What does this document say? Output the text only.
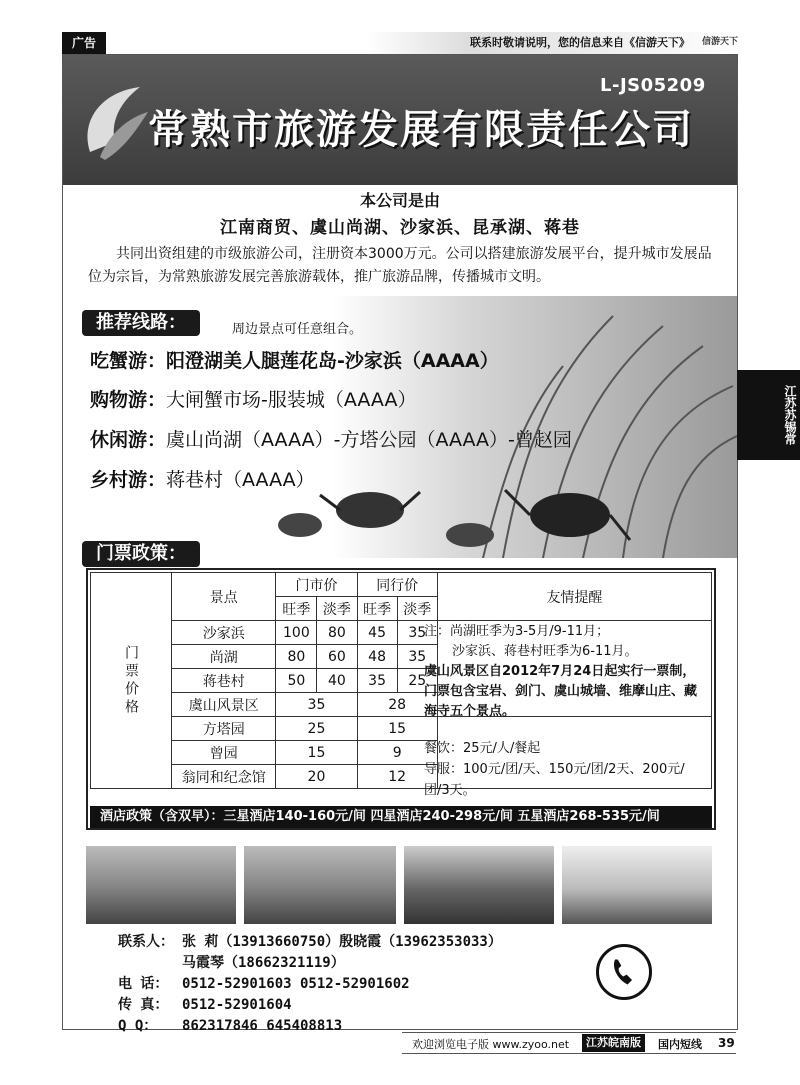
广告	联系时敬请说明，您的信息来自《信游天下》 信游天下
L-JS05209
常熟市旅游发展有限责任公司
本公司是由
江南商贸、虞山尚湖、沙家浜、昆承湖、蒋巷
共同出资组建的市级旅游公司，注册资本3000万元。公司以搭建旅游发展平台，提升城市发展品位为宗旨，为常熟旅游发展完善旅游载体，推广旅游品牌，传播城市文明。
推荐线路：	周边景点可任意组合。
吃蟹游：阳澄湖美人腿莲花岛-沙家浜（AAAA）
购物游：大闸蟹市场-服装城（AAAA）
休闲游：虞山尚湖（AAAA）-方塔公园（AAAA）-曾赵园
乡村游：蒋巷村（AAAA）
江苏苏锡常
门票政策：
门票价格	景点	门市价		同行价		友情提醒
		旺季	淡季	旺季	淡季	
	沙家浜	100	80	45	35	
	尚湖	80	60	48	35	
	蒋巷村	50	40	35	25	
	虞山风景区	35		28		
	方塔园	25		15		
	曾园	15		9		
	翁同和纪念馆	20		12		
注：尚湖旺季为3-5月/9-11月；
沙家浜、蒋巷村旺季为6-11月。
虞山风景区自2012年7月24日起实行一票制，门票包含宝岩、剑门、虞山城墙、维摩山庄、藏海寺五个景点。
餐饮：25元/人/餐起
导服：100元/团/天、150元/团/2天、200元/团/3天。
酒店政策（含双早）：三星酒店140-160元/间 四星酒店240-298元/间 五星酒店268-535元/间
联系人： 张 莉（13913660750）殷晓霞（13962353033）
马霞琴（18662321119）
电 话： 0512-52901603 0512-52901602
传 真： 0512-52901604
Q Q： 862317846 645408813
欢迎浏览电子版 www.zyoo.net	江苏皖南版	国内短线 39
